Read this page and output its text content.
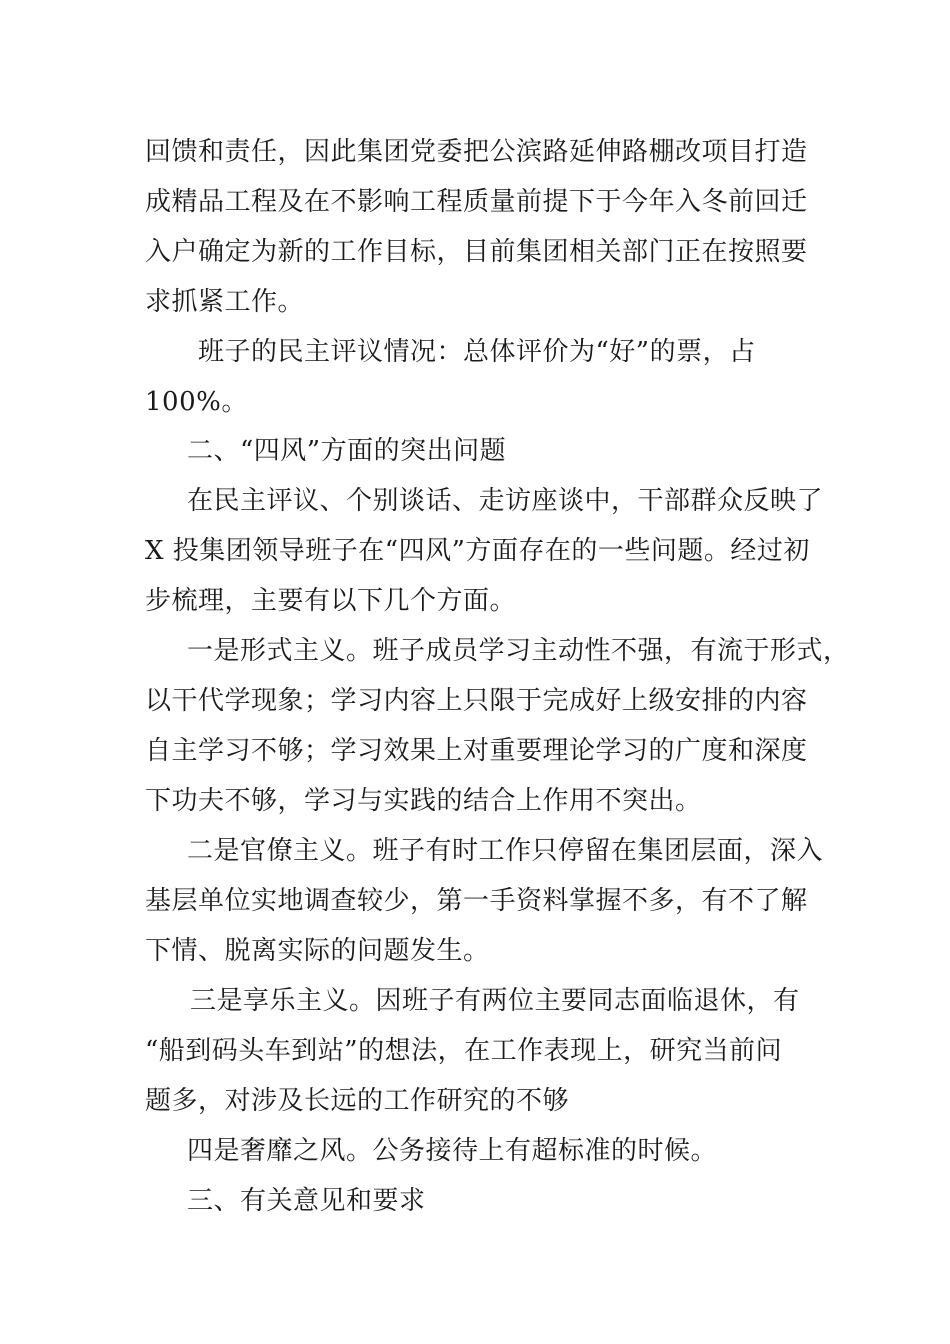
回馈和责任，因此集团党委把公滨路延伸路棚改项目打造
成精品工程及在不影响工程质量前提下于今年入冬前回迁
入户确定为新的工作目标，目前集团相关部门正在按照要
求抓紧工作。
班子的民主评议情况：总体评价为“好”的票，占
100%。
二、“四风”方面的突出问题
在民主评议、个别谈话、走访座谈中，干部群众反映了
X 投集团领导班子在“四风”方面存在的一些问题。经过初
步梳理，主要有以下几个方面。
一是形式主义。班子成员学习主动性不强，有流于形式，
以干代学现象；学习内容上只限于完成好上级安排的内容
自主学习不够；学习效果上对重要理论学习的广度和深度
下功夫不够，学习与实践的结合上作用不突出。
二是官僚主义。班子有时工作只停留在集团层面，深入
基层单位实地调查较少，第一手资料掌握不多，有不了解
下情、脱离实际的问题发生。
三是享乐主义。因班子有两位主要同志面临退休，有
“船到码头车到站”的想法，在工作表现上，研究当前问
题多，对涉及长远的工作研究的不够
四是奢靡之风。公务接待上有超标准的时候。
三、有关意见和要求
